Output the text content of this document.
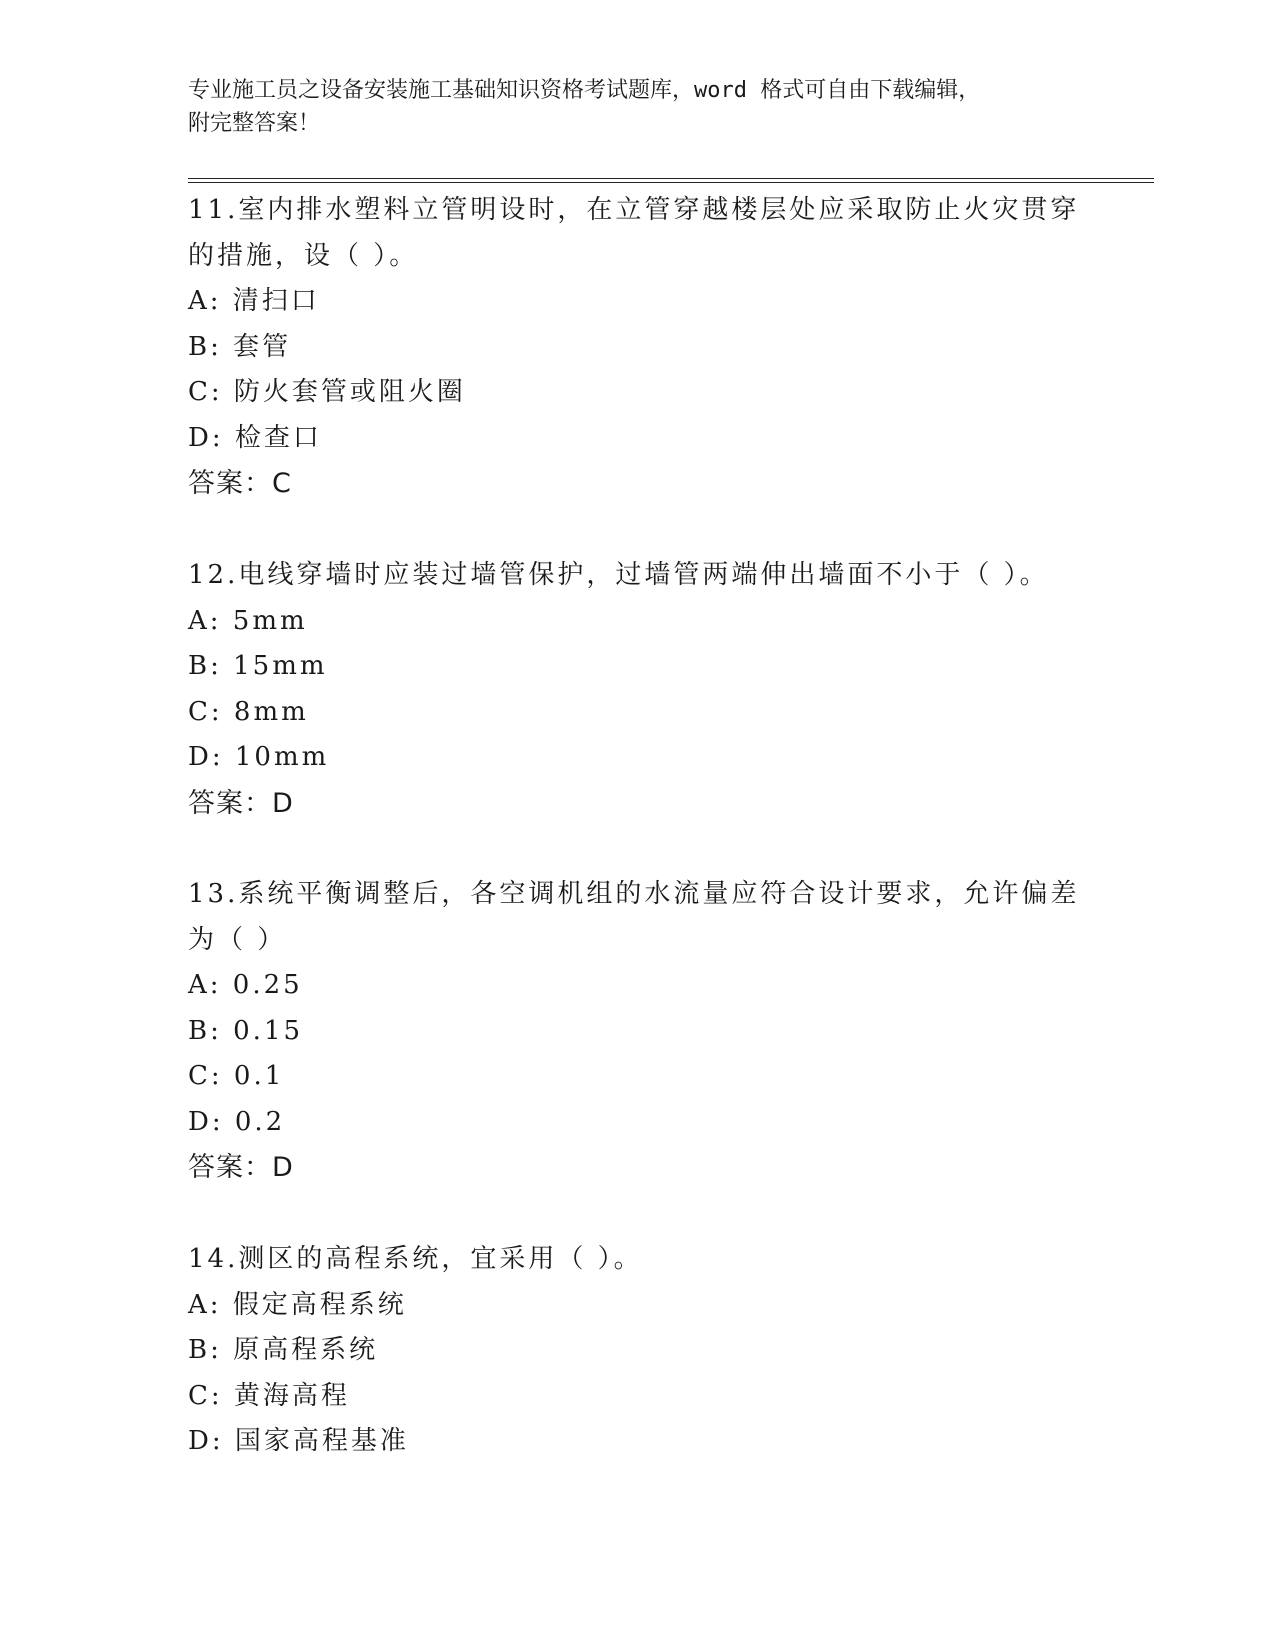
专业施工员之设备安装施工基础知识资格考试题库，word 格式可自由下载编辑，
附完整答案！
11.室内排水塑料立管明设时，在立管穿越楼层处应采取防止火灾贯穿
的措施，设（ ）。
A: 清扫口
B: 套管
C: 防火套管或阻火圈
D: 检查口
答案：C
12.电线穿墙时应装过墙管保护，过墙管两端伸出墙面不小于（ ）。
A: 5mm
B: 15mm
C: 8mm
D: 10mm
答案：D
13.系统平衡调整后，各空调机组的水流量应符合设计要求，允许偏差
为（ ）
A: 0.25
B: 0.15
C: 0.1
D: 0.2
答案：D
14.测区的高程系统，宜采用（ ）。
A: 假定高程系统
B: 原高程系统
C: 黄海高程
D: 国家高程基准
